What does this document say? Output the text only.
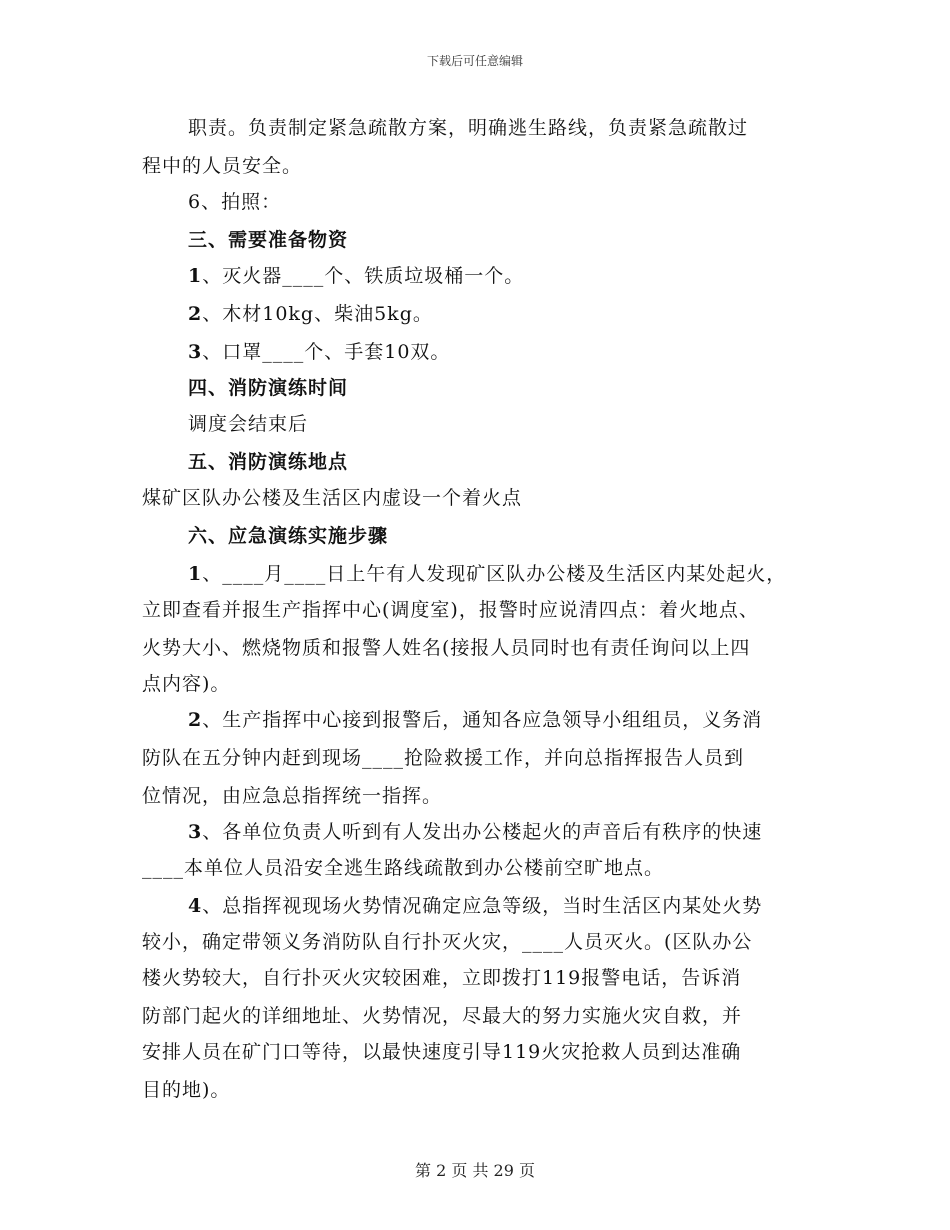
下载后可任意编辑
职责。负责制定紧急疏散方案，明确逃生路线，负责紧急疏散过
程中的人员安全。
6、拍照：
三、需要准备物资
1、灭火器____个、铁质垃圾桶一个。
2、木材10kg、柴油5kg。
3、口罩____个、手套10双。
四、消防演练时间
调度会结束后
五、消防演练地点
煤矿区队办公楼及生活区内虚设一个着火点
六、应急演练实施步骤
1、____月____日上午有人发现矿区队办公楼及生活区内某处起火，
立即查看并报生产指挥中心(调度室)，报警时应说清四点：着火地点、
火势大小、燃烧物质和报警人姓名(接报人员同时也有责任询问以上四
点内容)。
2、生产指挥中心接到报警后，通知各应急领导小组组员，义务消
防队在五分钟内赶到现场____抢险救援工作，并向总指挥报告人员到
位情况，由应急总指挥统一指挥。
3、各单位负责人听到有人发出办公楼起火的声音后有秩序的快速
____本单位人员沿安全逃生路线疏散到办公楼前空旷地点。
4、总指挥视现场火势情况确定应急等级，当时生活区内某处火势
较小，确定带领义务消防队自行扑灭火灾，____人员灭火。(区队办公
楼火势较大，自行扑灭火灾较困难，立即拨打119报警电话，告诉消
防部门起火的详细地址、火势情况，尽最大的努力实施火灾自救，并
安排人员在矿门口等待，以最快速度引导119火灾抢救人员到达准确
目的地)。
第 2 页 共 29 页
